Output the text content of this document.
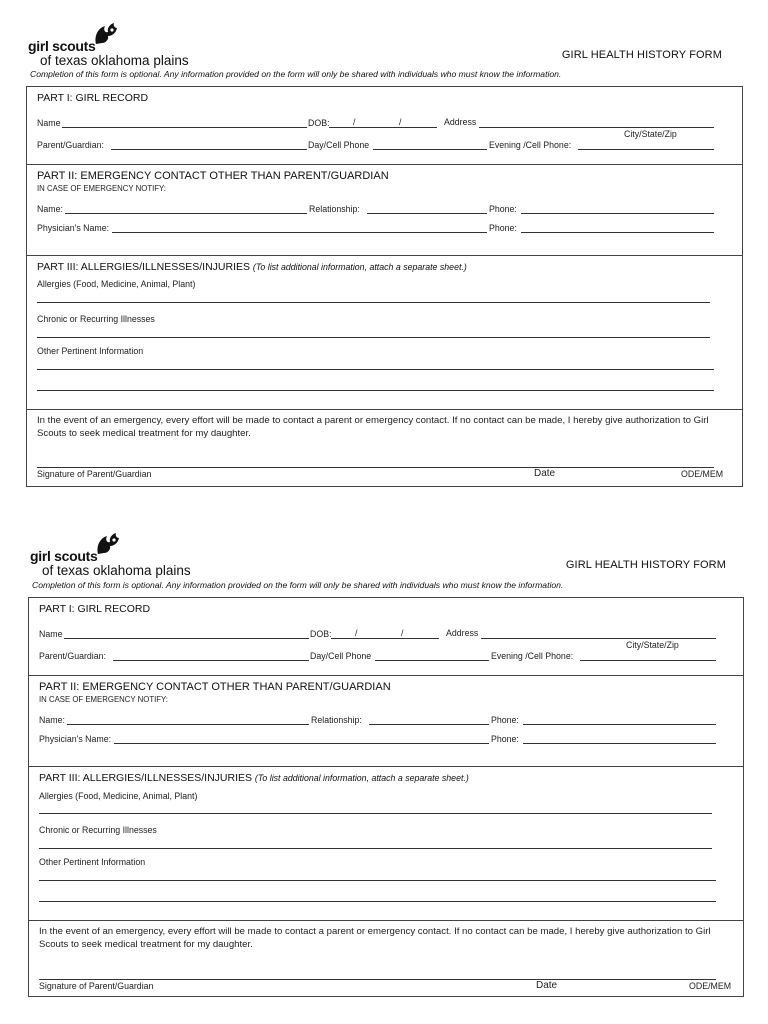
girl scouts
of texas oklahoma plains	GIRL HEALTH HISTORY FORM
Completion of this form is optional. Any information provided on the form will only be shared with individuals who must know the information.
PART I: GIRL RECORD
Name	DOB:	/	/	Address
City/State/Zip
Parent/Guardian:	Day/Cell Phone	Evening /Cell Phone:
PART II: EMERGENCY CONTACT OTHER THAN PARENT/GUARDIAN
IN CASE OF EMERGENCY NOTIFY:
Name:	Relationship:	Phone:
Physician's Name:	Phone:
PART III: ALLERGIES/ILLNESSES/INJURIES (To list additional information, attach a separate sheet.)
Allergies (Food, Medicine, Animal, Plant)
Chronic or Recurring Illnesses
Other Pertinent Information
In the event of an emergency, every effort will be made to contact a parent or emergency contact. If no contact can be made, I hereby give authorization to Girl Scouts to seek medical treatment for my daughter.
Signature of Parent/Guardian	Date	ODE/MEM
girl scouts
of texas oklahoma plains	GIRL HEALTH HISTORY FORM
Completion of this form is optional. Any information provided on the form will only be shared with individuals who must know the information.
PART I: GIRL RECORD
Name	DOB:	/	/	Address
City/State/Zip
Parent/Guardian:	Day/Cell Phone	Evening /Cell Phone:
PART II: EMERGENCY CONTACT OTHER THAN PARENT/GUARDIAN
IN CASE OF EMERGENCY NOTIFY:
Name:	Relationship:	Phone:
Physician's Name:	Phone:
PART III: ALLERGIES/ILLNESSES/INJURIES (To list additional information, attach a separate sheet.)
Allergies (Food, Medicine, Animal, Plant)
Chronic or Recurring Illnesses
Other Pertinent Information
In the event of an emergency, every effort will be made to contact a parent or emergency contact. If no contact can be made, I hereby give authorization to Girl Scouts to seek medical treatment for my daughter.
Signature of Parent/Guardian	Date	ODE/MEM
